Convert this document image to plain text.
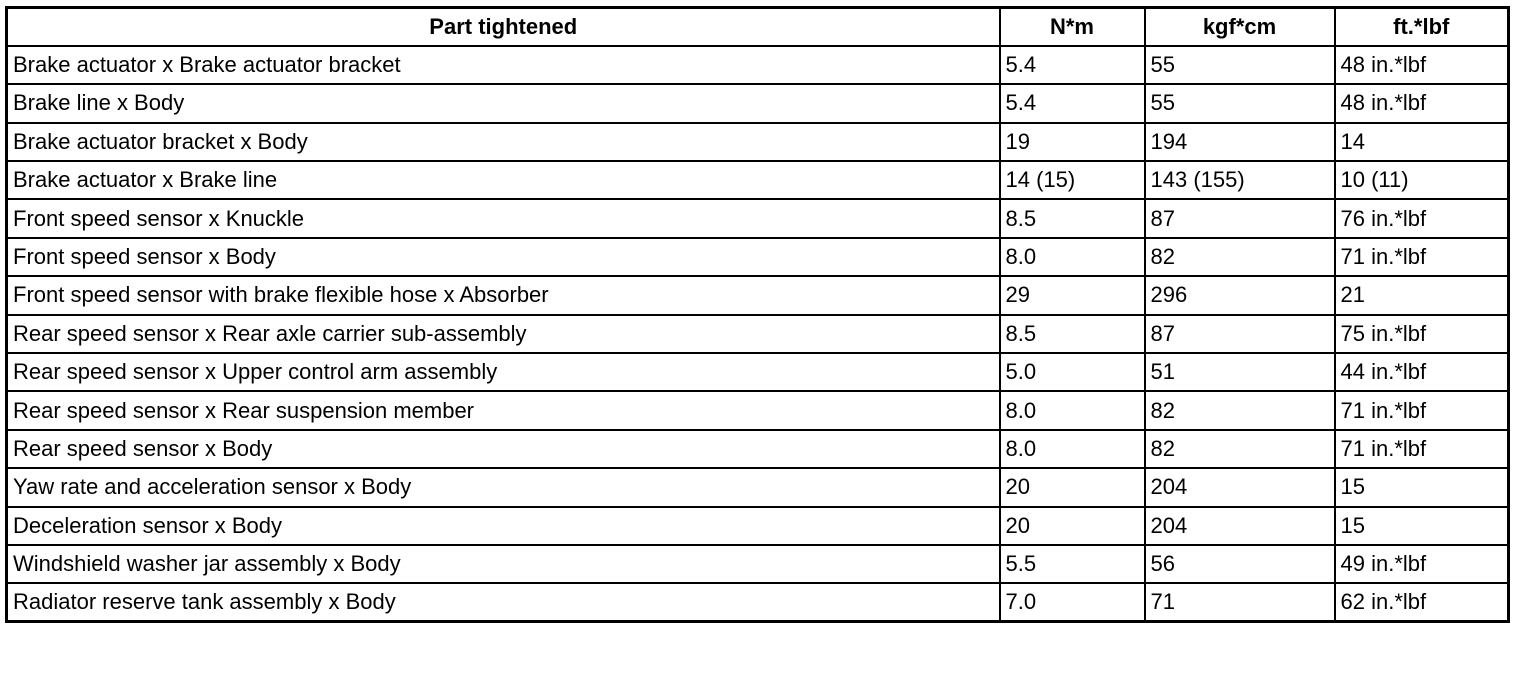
Part tightened	N*m	kgf*cm	ft.*lbf
Brake actuator x Brake actuator bracket	5.4	55	48 in.*lbf
Brake line x Body	5.4	55	48 in.*lbf
Brake actuator bracket x Body	19	194	14
Brake actuator x Brake line	14 (15)	143 (155)	10 (11)
Front speed sensor x Knuckle	8.5	87	76 in.*lbf
Front speed sensor x Body	8.0	82	71 in.*lbf
Front speed sensor with brake flexible hose x Absorber	29	296	21
Rear speed sensor x Rear axle carrier sub-assembly	8.5	87	75 in.*lbf
Rear speed sensor x Upper control arm assembly	5.0	51	44 in.*lbf
Rear speed sensor x Rear suspension member	8.0	82	71 in.*lbf
Rear speed sensor x Body	8.0	82	71 in.*lbf
Yaw rate and acceleration sensor x Body	20	204	15
Deceleration sensor x Body	20	204	15
Windshield washer jar assembly x Body	5.5	56	49 in.*lbf
Radiator reserve tank assembly x Body	7.0	71	62 in.*lbf
